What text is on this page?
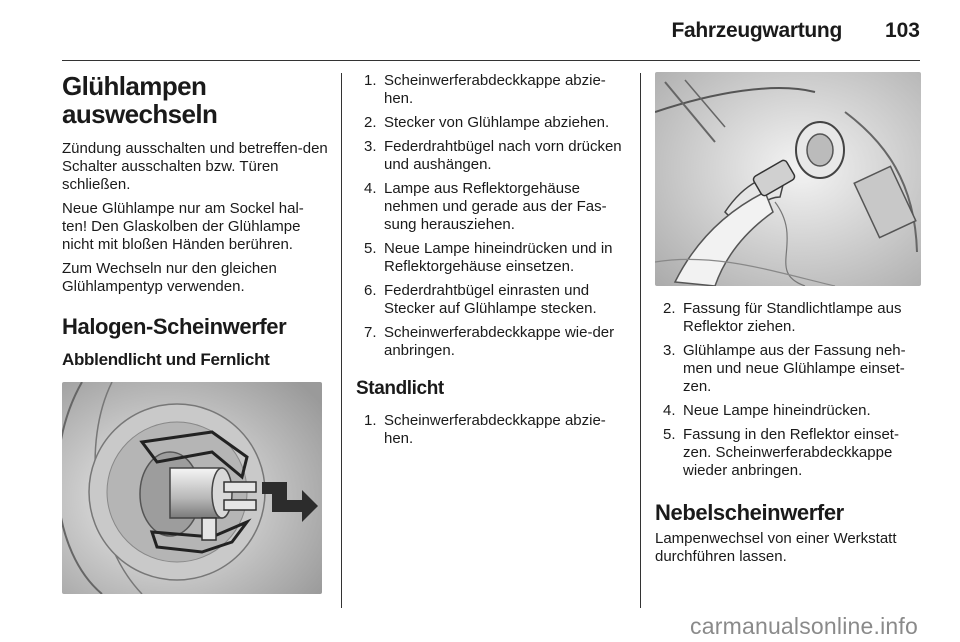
Fahrzeugwartung 103
Glühlampen
auswechseln

Zündung ausschalten und betreffen‐den Schalter ausschalten bzw. Türen schließen.

Neue Glühlampe nur am Sockel hal‐ten! Den Glaskolben der Glühlampe nicht mit bloßen Händen berühren.

Zum Wechseln nur den gleichen Glühlampentyp verwenden.

Halogen-Scheinwerfer
Abblendlicht und Fernlicht
1. Scheinwerferabdeckkappe abzie‐hen.
2. Stecker von Glühlampe abziehen.
3. Federdrahtbügel nach vorn drücken und aushängen.
4. Lampe aus Reflektorgehäuse nehmen und gerade aus der Fas‐sung herausziehen.
5. Neue Lampe hineindrücken und in Reflektorgehäuse einsetzen.
6. Federdrahtbügel einrasten und Stecker auf Glühlampe stecken.
7. Scheinwerferabdeckkappe wie‐der anbringen.
Standlicht
1. Scheinwerferabdeckkappe abzie‐hen.
2. Fassung für Standlichtlampe aus Reflektor ziehen.
3. Glühlampe aus der Fassung neh‐men und neue Glühlampe einset‐zen.
4. Neue Lampe hineindrücken.
5. Fassung in den Reflektor einset‐zen. Scheinwerferabdeckkappe wieder anbringen.
Nebelscheinwerfer

Lampenwechsel von einer Werkstatt durchführen lassen.

carmanualsonline.info
